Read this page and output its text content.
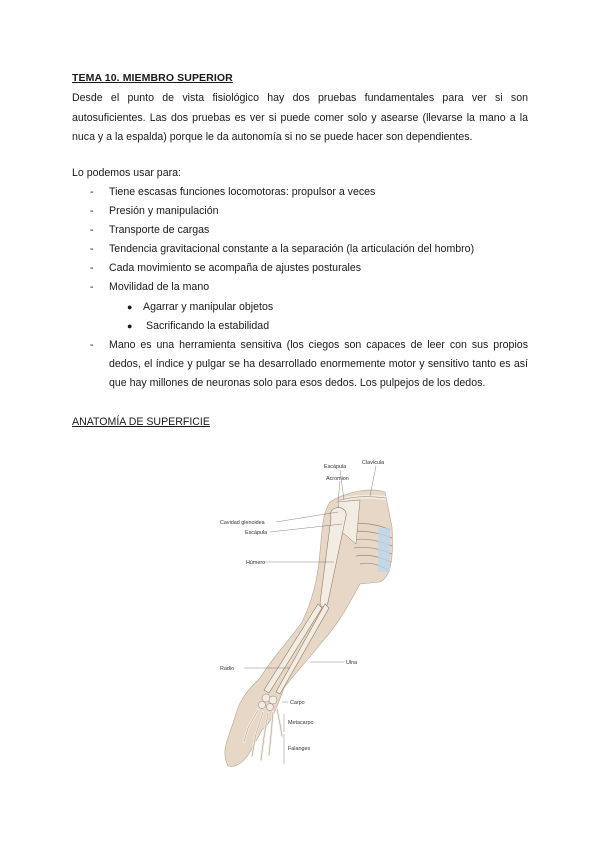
TEMA 10. MIEMBRO SUPERIOR
Desde el punto de vista fisiológico hay dos pruebas fundamentales para ver si son autosuficientes. Las dos pruebas es ver si puede comer solo y asearse (llevarse la mano a la nuca y a la espalda) porque le da autonomía si no se puede hacer son dependientes.
Lo podemos usar para:
- Tiene escasas funciones locomotoras: propulsor a veces
- Presión y manipulación
- Transporte de cargas
- Tendencia gravitacional constante a la separación (la articulación del hombro)
- Cada movimiento se acompaña de ajustes posturales
- Movilidad de la mano
● Agarrar y manipular objetos
● Sacrificando la estabilidad
- Mano es una herramienta sensitiva (los ciegos son capaces de leer con sus propios dedos, el índice y pulgar se ha desarrollado enormemente motor y sensitivo tanto es así que hay millones de neuronas solo para esos dedos. Los pulpejos de los dedos.
ANATOMÍA DE SUPERFICIE
Escápula
Clavícula
Acromion
Cavidad glenoidea
Escápula
Húmero
Ulna
Radio
Carpo
Metacarpo
Falanges
